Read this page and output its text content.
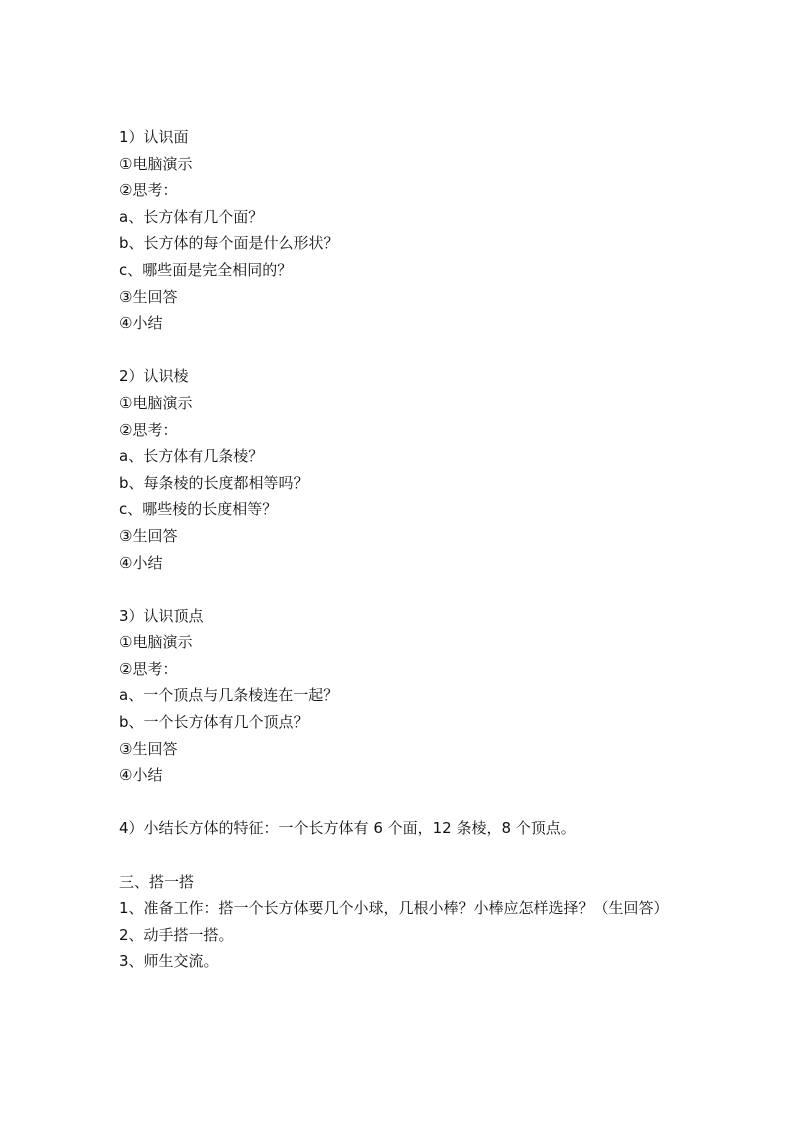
1）认识面
①电脑演示
②思考：
a、长方体有几个面？
b、长方体的每个面是什么形状？
c、哪些面是完全相同的？
③生回答
④小结
2）认识棱
①电脑演示
②思考：
a、长方体有几条棱？
b、每条棱的长度都相等吗？
c、哪些棱的长度相等？
③生回答
④小结
3）认识顶点
①电脑演示
②思考：
a、一个顶点与几条棱连在一起？
b、一个长方体有几个顶点？
③生回答
④小结
4）小结长方体的特征：一个长方体有 6 个面，12 条棱，8 个顶点。
三、搭一搭
1、准备工作：搭一个长方体要几个小球，几根小棒？小棒应怎样选择？（生回答）
2、动手搭一搭。
3、师生交流。
